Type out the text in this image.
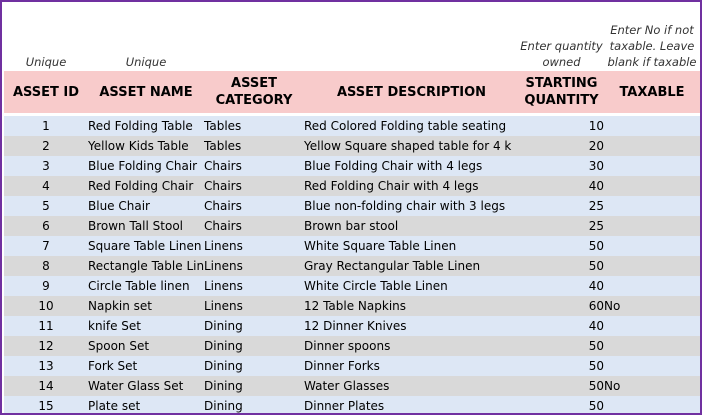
Unique	Unique			Enter quantity owned	Enter No if not taxable. Leave blank if taxable
ASSET ID	ASSET NAME	ASSET CATEGORY	ASSET DESCRIPTION	STARTING QUANTITY	TAXABLE

1	Red Folding Table	Tables	Red Colored Folding table seating	10	
2	Yellow Kids Table	Tables	Yellow Square shaped table for 4 k	20	
3	Blue Folding Chair	Chairs	Blue Folding Chair with 4 legs	30	
4	Red Folding Chair	Chairs	Red Folding Chair with 4 legs	40	
5	Blue Chair	Chairs	Blue non-folding chair with 3 legs	25	
6	Brown Tall Stool	Chairs	Brown bar stool	25	
7	Square Table Linen	Linens	White Square Table Linen	50	
8	Rectangle Table Lin	Linens	Gray Rectangular Table Linen	50	
9	Circle Table linen	Linens	White Circle Table Linen	40	
10	Napkin set	Linens	12 Table Napkins	60	No
11	knife Set	Dining	12 Dinner Knives	40	
12	Spoon Set	Dining	Dinner spoons	50	
13	Fork Set	Dining	Dinner Forks	50	
14	Water Glass Set	Dining	Water Glasses	50	No
15	Plate set	Dining	Dinner Plates	50	
